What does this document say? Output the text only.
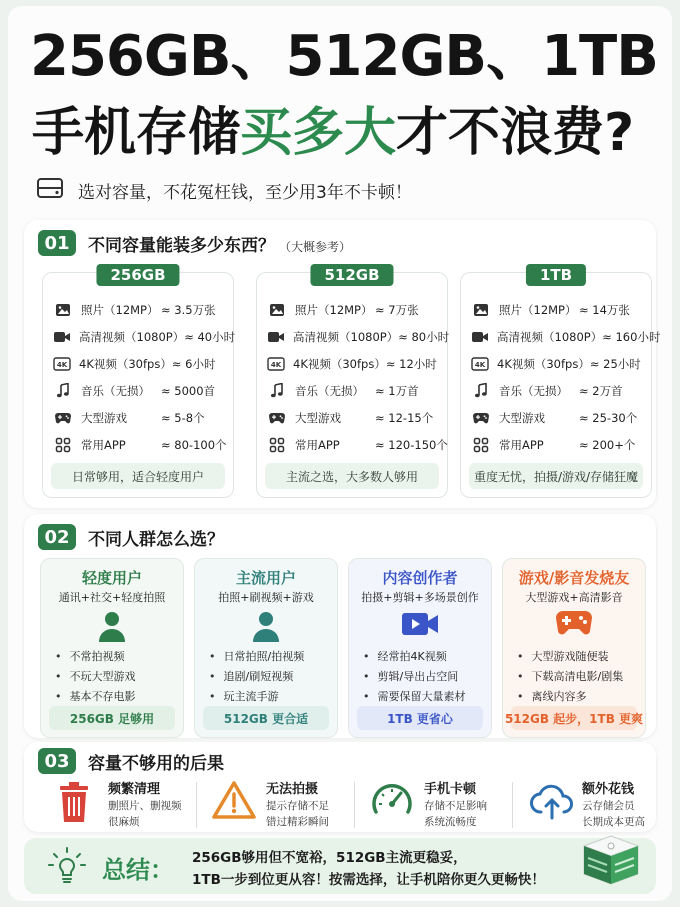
256GB、512GB、1TB
手机存储买多大才不浪费?
选对容量，不花冤枉钱，至少用3年不卡顿！
01	不同容量能装多少东西？ （大概参考）
256GB
照片（12MP） ≈ 3.5万张
高清视频（1080P） ≈ 40小时
4K 4K视频（30fps） ≈ 6小时
音乐（无损） ≈ 5000首
大型游戏	≈ 5-8个
常用APP	≈ 80-100个
日常够用，适合轻度用户
512GB
照片（12MP） ≈ 7万张
高清视频（1080P） ≈ 80小时
4K 4K视频（30fps） ≈ 12小时
音乐（无损） ≈ 1万首
大型游戏	≈ 12-15个
常用APP	≈ 120-150个
主流之选，大多数人够用
1TB
照片（12MP） ≈ 14万张
高清视频（1080P） ≈ 160小时
4K 4K视频（30fps） ≈ 25小时
音乐（无损） ≈ 2万首
大型游戏	≈ 25-30个
常用APP	≈ 200+个
重度无忧，拍摄/游戏/存储狂魔
02	不同人群怎么选？
轻度用户
通讯+社交+轻度拍照
• 不常拍视频
• 不玩大型游戏
• 基本不存电影
256GB 足够用
主流用户
拍照+刷视频+游戏
• 日常拍照/拍视频
• 追剧/刷短视频
• 玩主流手游
512GB 更合适
内容创作者
拍摄+剪辑+多场景创作
• 经常拍4K视频
• 剪辑/导出占空间
• 需要保留大量素材
1TB 更省心
游戏/影音发烧友
大型游戏+高清影音
• 大型游戏随便装
• 下载高清电影/剧集
• 离线内容多
512GB 起步，1TB 更爽
03	容量不够用的后果
频繁清理
删照片、删视频
很麻烦
无法拍摄
提示存储不足
错过精彩瞬间
手机卡顿
存储不足影响
系统流畅度
额外花钱
云存储会员
长期成本更高
总结： 256GB够用但不宽裕，512GB主流更稳妥，
1TB一步到位更从容！按需选择，让手机陪你更久更畅快！
